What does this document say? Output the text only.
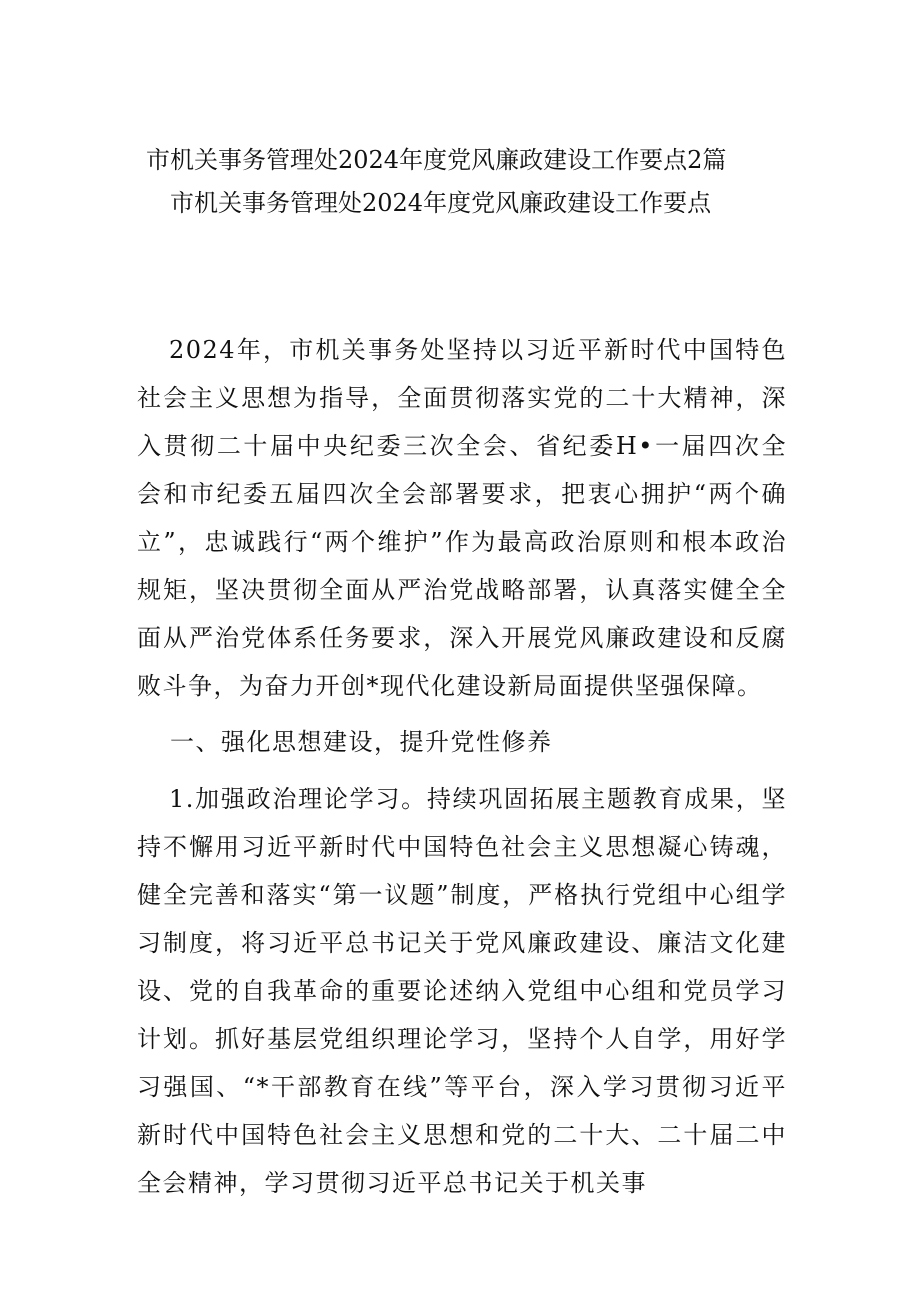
市机关事务管理处2024年度党风廉政建设工作要点2篇
市机关事务管理处2024年度党风廉政建设工作要点
2024年，市机关事务处坚持以习近平新时代中国特色社会主义思想为指导，全面贯彻落实党的二十大精神，深入贯彻二十届中央纪委三次全会、省纪委H•一届四次全会和市纪委五届四次全会部署要求，把衷心拥护“两个确立”，忠诚践行“两个维护”作为最高政治原则和根本政治规矩，坚决贯彻全面从严治党战略部署，认真落实健全全面从严治党体系任务要求，深入开展党风廉政建设和反腐败斗争，为奋力开创*现代化建设新局面提供坚强保障。
一、强化思想建设，提升党性修养
1.加强政治理论学习。持续巩固拓展主题教育成果，坚持不懈用习近平新时代中国特色社会主义思想凝心铸魂，健全完善和落实“第一议题”制度，严格执行党组中心组学习制度，将习近平总书记关于党风廉政建设、廉洁文化建设、党的自我革命的重要论述纳入党组中心组和党员学习计划。抓好基层党组织理论学习，坚持个人自学，用好学习强国、“*干部教育在线”等平台，深入学习贯彻习近平新时代中国特色社会主义思想和党的二十大、二十届二中全会精神，学习贯彻习近平总书记关于机关事
